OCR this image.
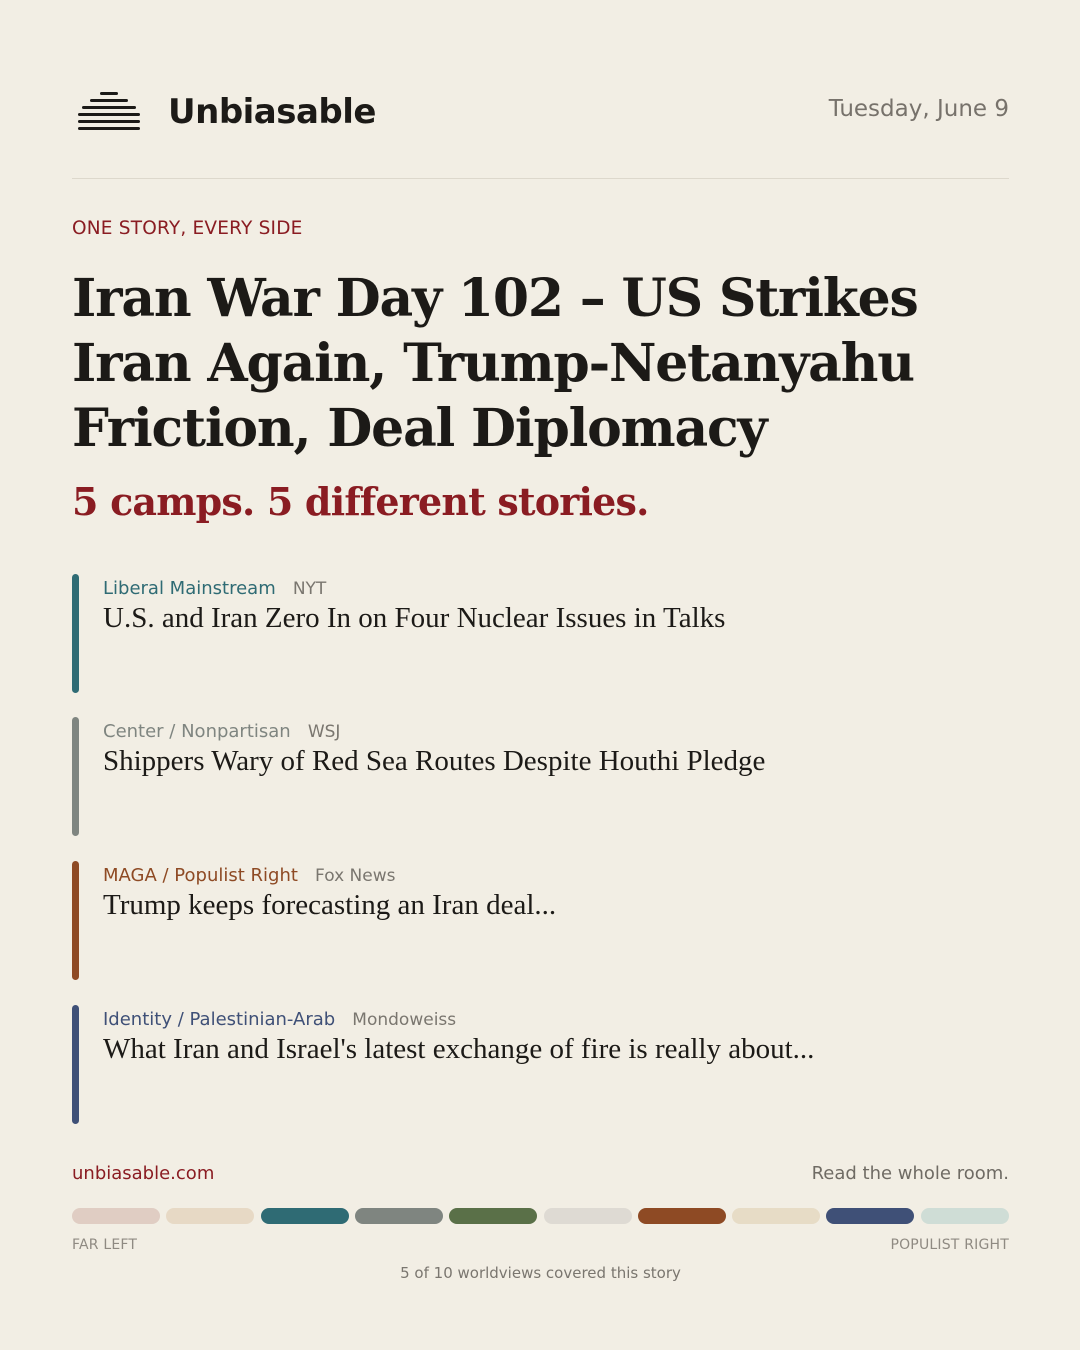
Unbiasable	Tuesday, June 9
ONE STORY, EVERY SIDE
Iran War Day 102 – US Strikes Iran Again, Trump-Netanyahu Friction, Deal Diplomacy
5 camps. 5 different stories.
Liberal Mainstream NYT
U.S. and Iran Zero In on Four Nuclear Issues in Talks
Center / Nonpartisan WSJ
Shippers Wary of Red Sea Routes Despite Houthi Pledge
MAGA / Populist Right Fox News
Trump keeps forecasting an Iran deal...
Identity / Palestinian-Arab Mondoweiss
What Iran and Israel's latest exchange of fire is really about...
unbiasable.com	Read the whole room.
FAR LEFT	POPULIST RIGHT
5 of 10 worldviews covered this story
